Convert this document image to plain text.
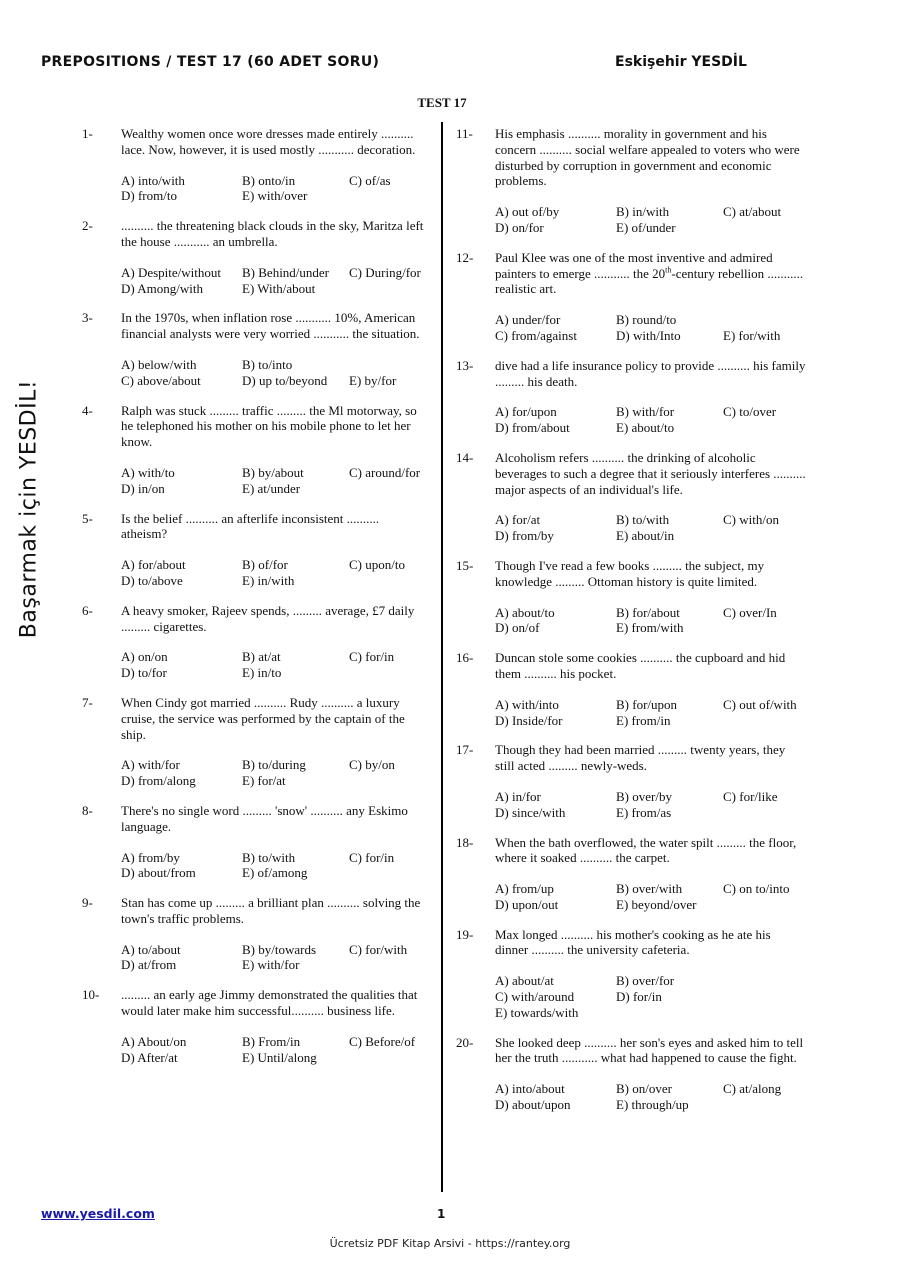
PREPOSITIONS / TEST 17 (60 ADET SORU)	Eskişehir YESDİL
TEST 17
Başarmak için YESDİL!
1- Wealthy women once wore dresses made entirely .......... lace. Now, however, it is used mostly ........... decoration.
A) into/with	B) onto/in	C) of/as
D) from/to	E) with/over
2- .......... the threatening black clouds in the sky, Maritza left the house ........... an umbrella.
A) Despite/without	B) Behind/under	C) During/for
D) Among/with	E) With/about
3- In the 1970s, when inflation rose ........... 10%, American financial analysts were very worried ........... the situation.
A) below/with	B) to/into
C) above/about	D) up to/beyond	E) by/for
4- Ralph was stuck ......... traffic ......... the Ml motorway, so he telephoned his mother on his mobile phone to let her know.
A) with/to	B) by/about	C) around/for
D) in/on	E) at/under
5- Is the belief .......... an afterlife inconsistent .......... atheism?
A) for/about	B) of/for	C) upon/to
D) to/above	E) in/with
6- A heavy smoker, Rajeev spends, ......... average, £7 daily ......... cigarettes.
A) on/on	B) at/at	C) for/in
D) to/for	E) in/to
7- When Cindy got married .......... Rudy .......... a luxury cruise, the service was performed by the captain of the ship.
A) with/for	B) to/during	C) by/on
D) from/along	E) for/at
8- There's no single word ......... 'snow' .......... any Eskimo language.
A) from/by	B) to/with	C) for/in
D) about/from	E) of/among
9- Stan has come up ......... a brilliant plan .......... solving the town's traffic problems.
A) to/about	B) by/towards	C) for/with
D) at/from	E) with/for
10- ......... an early age Jimmy demonstrated the qualities that would later make him successful.......... business life.
A) About/on	B) From/in	C) Before/of
D) After/at	E) Until/along
11- His emphasis .......... morality in government and his concern .......... social welfare appealed to voters who were disturbed by corruption in government and economic problems.
A) out of/by	B) in/with	C) at/about
D) on/for	E) of/under
12- Paul Klee was one of the most inventive and admired painters to emerge ........... the 20th-century rebellion ........... realistic art.
A) under/for	B) round/to
C) from/against	D) with/Into	E) for/with
13- dive had a life insurance policy to provide .......... his family ......... his death.
A) for/upon	B) with/for	C) to/over
D) from/about	E) about/to
14- Alcoholism refers .......... the drinking of alcoholic beverages to such a degree that it seriously interferes .......... major aspects of an individual's life.
A) for/at	B) to/with	C) with/on
D) from/by	E) about/in
15- Though I've read a few books ......... the subject, my knowledge ......... Ottoman history is quite limited.
A) about/to	B) for/about	C) over/In
D) on/of	E) from/with
16- Duncan stole some cookies .......... the cupboard and hid them .......... his pocket.
A) with/into	B) for/upon	C) out of/with
D) Inside/for	E) from/in
17- Though they had been married ......... twenty years, they still acted ......... newly-weds.
A) in/for	B) over/by	C) for/like
D) since/with	E) from/as
18- When the bath overflowed, the water spilt ......... the floor, where it soaked .......... the carpet.
A) from/up	B) over/with	C) on to/into
D) upon/out	E) beyond/over
19- Max longed .......... his mother's cooking as he ate his dinner .......... the university cafeteria.
A) about/at	B) over/for
C) with/around	D) for/in
E) towards/with
20- She looked deep .......... her son's eyes and asked him to tell her the truth ........... what had happened to cause the fight.
A) into/about	B) on/over	C) at/along
D) about/upon	E) through/up
www.yesdil.com	1
Ücretsiz PDF Kitap Arsivi - https://rantey.org
